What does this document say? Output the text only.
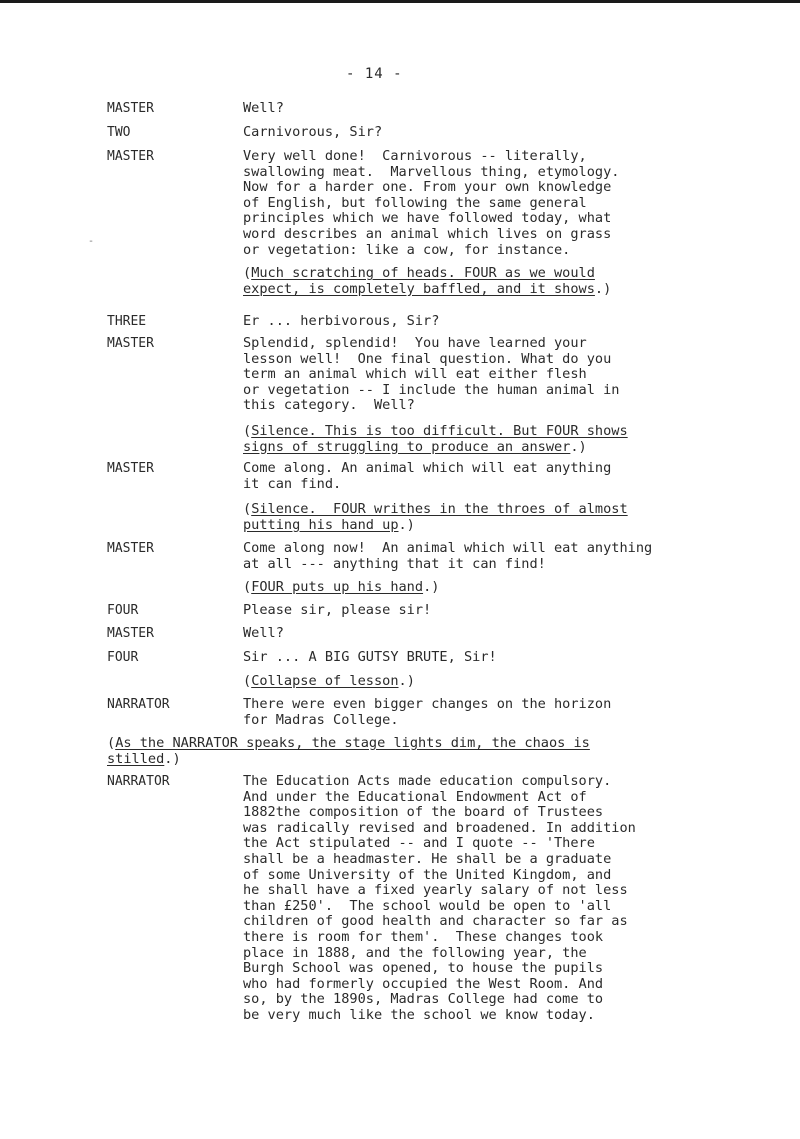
- 14 -
MASTER	Well?
TWO	Carnivorous, Sir?
MASTER	Very well done!  Carnivorous -- literally,
swallowing meat.  Marvellous thing, etymology.
Now for a harder one. From your own knowledge
of English, but following the same general
principles which we have followed today, what
word describes an animal which lives on grass
or vegetation: like a cow, for instance.
(Much scratching of heads. FOUR as we would
expect, is completely baffled, and it shows.)
THREE	Er ... herbivorous, Sir?
MASTER	Splendid, splendid!  You have learned your
lesson well!  One final question. What do you
term an animal which will eat either flesh
or vegetation -- I include the human animal in
this category.  Well?
(Silence. This is too difficult. But FOUR shows
signs of struggling to produce an answer.)
MASTER	Come along. An animal which will eat anything
it can find.
(Silence.  FOUR writhes in the throes of almost
putting his hand up.)
MASTER	Come along now!  An animal which will eat anything
at all --- anything that it can find!
(FOUR puts up his hand.)
FOUR	Please sir, please sir!
MASTER	Well?
FOUR	Sir ... A BIG GUTSY BRUTE, Sir!
(Collapse of lesson.)
NARRATOR	There were even bigger changes on the horizon
for Madras College.
(As the NARRATOR speaks, the stage lights dim, the chaos is
stilled.)
NARRATOR	The Education Acts made education compulsory.
And under the Educational Endowment Act of
1882the composition of the board of Trustees
was radically revised and broadened. In addition
the Act stipulated -- and I quote -- 'There
shall be a headmaster. He shall be a graduate
of some University of the United Kingdom, and
he shall have a fixed yearly salary of not less
than £250'.  The school would be open to 'all
children of good health and character so far as
there is room for them'.  These changes took
place in 1888, and the following year, the
Burgh School was opened, to house the pupils
who had formerly occupied the West Room. And
so, by the 1890s, Madras College had come to
be very much like the school we know today.
-
